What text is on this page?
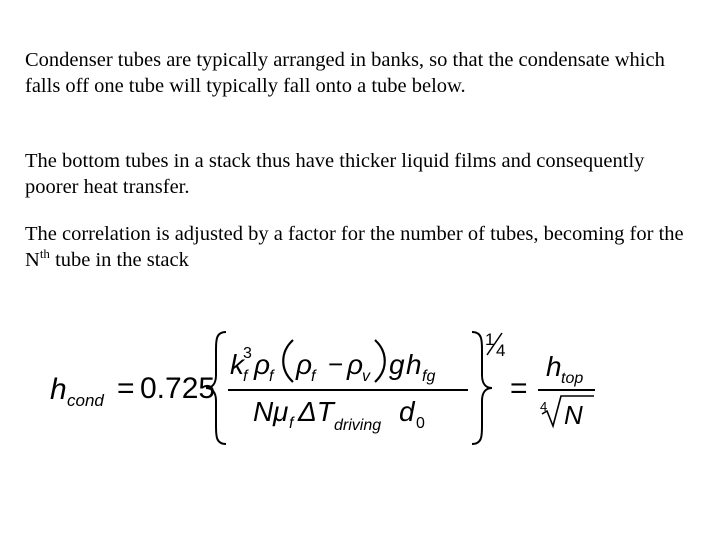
Condenser tubes are typically arranged in banks, so that the condensate which falls off one tube will typically fall onto a tube below.

The bottom tubes in a stack thus have thicker liquid films and consequently poorer heat transfer.

The correlation is adjusted by a factor for the number of tubes, becoming for the $N^{th}$ tube in the stack

h cond = 0.725
k 3
f ρ
f ρ
f − ρ
v g h fg
N μ f ΔT driving d 0
1
4
=
h top
4 N
